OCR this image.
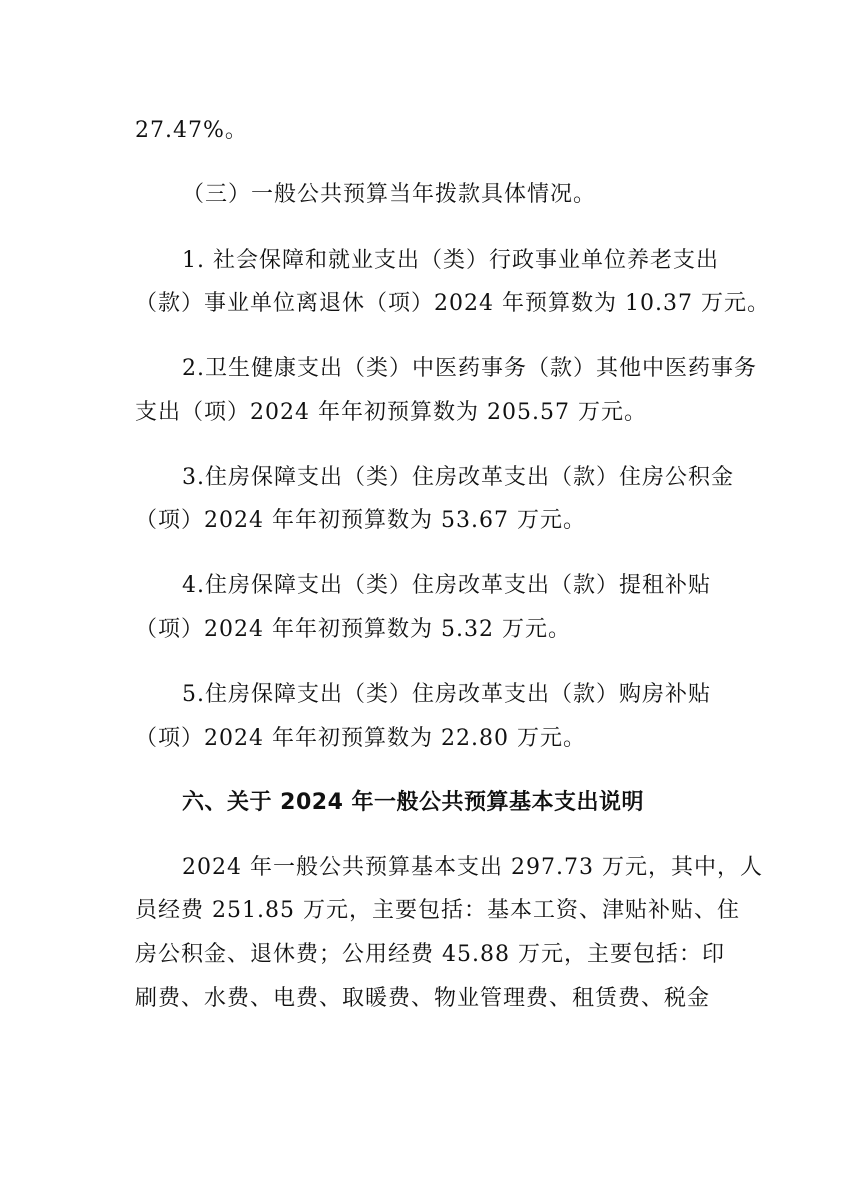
27.47%。
（三）一般公共预算当年拨款具体情况。
1. 社会保障和就业支出（类）行政事业单位养老支出
（款）事业单位离退休（项）2024 年预算数为 10.37 万元。
2.卫生健康支出（类）中医药事务（款）其他中医药事务
支出（项）2024 年年初预算数为 205.57 万元。
3.住房保障支出（类）住房改革支出（款）住房公积金
（项）2024 年年初预算数为 53.67 万元。
4.住房保障支出（类）住房改革支出（款）提租补贴
（项）2024 年年初预算数为 5.32 万元。
5.住房保障支出（类）住房改革支出（款）购房补贴
（项）2024 年年初预算数为 22.80 万元。
六、关于 2024 年一般公共预算基本支出说明
2024 年一般公共预算基本支出 297.73 万元，其中，人
员经费 251.85 万元，主要包括：基本工资、津贴补贴、住
房公积金、退休费；公用经费 45.88 万元，主要包括：印
刷费、水费、电费、取暖费、物业管理费、租赁费、税金
